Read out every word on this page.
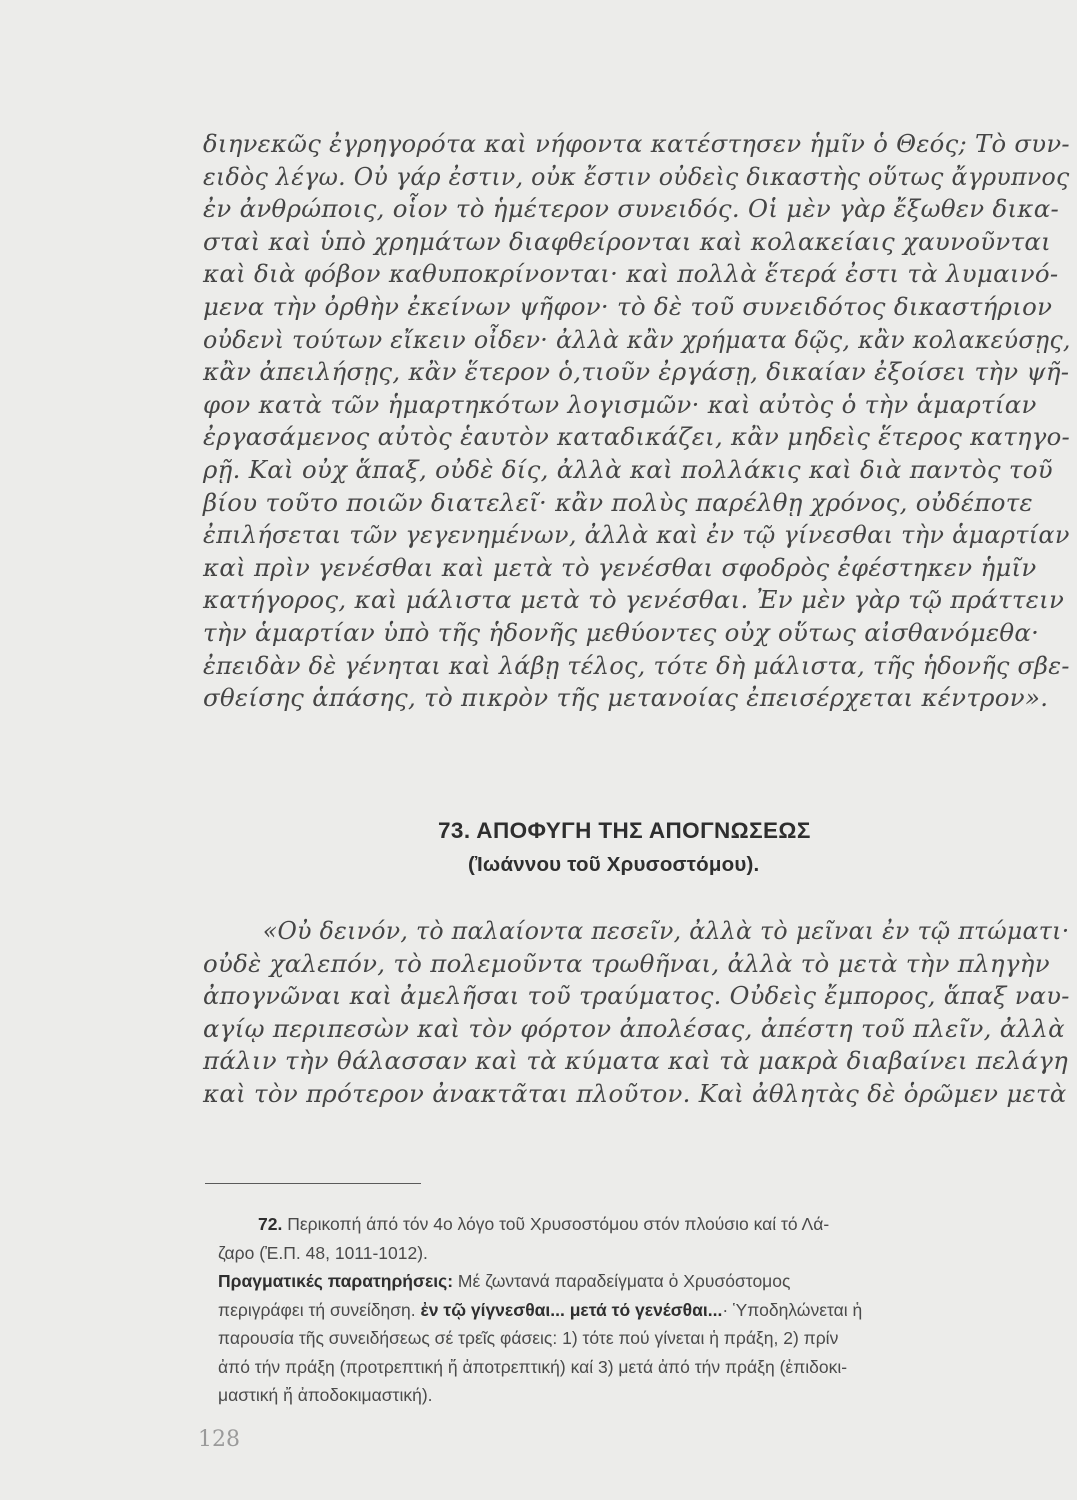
διηνεκῶς ἐγρηγορότα καὶ νήφοντα κατέστησεν ἡμῖν ὁ Θεός; Τὸ συν-
ειδὸς λέγω. Οὐ γάρ ἐστιν, οὐκ ἔστιν οὐδεὶς δικαστὴς οὕτως ἄγρυπνος
ἐν ἀνθρώποις, οἷον τὸ ἡμέτερον συνειδός. Οἱ μὲν γὰρ ἔξωθεν δικα-
σταὶ καὶ ὑπὸ χρημάτων διαφθείρονται καὶ κολακείαις χαυνοῦνται
καὶ διὰ φόβον καθυποκρίνονται· καὶ πολλὰ ἕτερά ἐστι τὰ λυμαινό-
μενα τὴν ὀρθὴν ἐκείνων ψῆφον· τὸ δὲ τοῦ συνειδότος δικαστήριον
οὐδενὶ τούτων εἴκειν οἶδεν· ἀλλὰ κἂν χρήματα δῷς, κἂν κολακεύσῃς,
κἂν ἀπειλήσῃς, κἂν ἕτερον ὁ,τιοῦν ἐργάσῃ, δικαίαν ἐξοίσει τὴν ψῆ-
φον κατὰ τῶν ἡμαρτηκότων λογισμῶν· καὶ αὐτὸς ὁ τὴν ἁμαρτίαν
ἐργασάμενος αὐτὸς ἑαυτὸν καταδικάζει, κἂν μηδεὶς ἕτερος κατηγο-
ρῇ. Καὶ οὐχ ἅπαξ, οὐδὲ δίς, ἀλλὰ καὶ πολλάκις καὶ διὰ παντὸς τοῦ
βίου τοῦτο ποιῶν διατελεῖ· κἂν πολὺς παρέλθῃ χρόνος, οὐδέποτε
ἐπιλήσεται τῶν γεγενημένων, ἀλλὰ καὶ ἐν τῷ γίνεσθαι τὴν ἁμαρτίαν
καὶ πρὶν γενέσθαι καὶ μετὰ τὸ γενέσθαι σφοδρὸς ἐφέστηκεν ἡμῖν
κατήγορος, καὶ μάλιστα μετὰ τὸ γενέσθαι. Ἐν μὲν γὰρ τῷ πράττειν
τὴν ἁμαρτίαν ὑπὸ τῆς ἡδονῆς μεθύοντες οὐχ οὕτως αἰσθανόμεθα·
ἐπειδὰν δὲ γένηται καὶ λάβῃ τέλος, τότε δὴ μάλιστα, τῆς ἡδονῆς σβε-
σθείσης ἁπάσης, τὸ πικρὸν τῆς μετανοίας ἐπεισέρχεται κέντρον».
73. ΑΠΟΦΥΓΗ ΤΗΣ ΑΠΟΓΝΩΣΕΩΣ
(Ἰωάννου τοῦ Χρυσοστόμου).
«Οὐ δεινόν, τὸ παλαίοντα πεσεῖν, ἀλλὰ τὸ μεῖναι ἐν τῷ πτώματι·
οὐδὲ χαλεπόν, τὸ πολεμοῦντα τρωθῆναι, ἀλλὰ τὸ μετὰ τὴν πληγὴν
ἀπογνῶναι καὶ ἀμελῆσαι τοῦ τραύματος. Οὐδεὶς ἔμπορος, ἅπαξ ναυ-
αγίῳ περιπεσὼν καὶ τὸν φόρτον ἀπολέσας, ἀπέστη τοῦ πλεῖν, ἀλλὰ
πάλιν τὴν θάλασσαν καὶ τὰ κύματα καὶ τὰ μακρὰ διαβαίνει πελάγη
καὶ τὸν πρότερον ἀνακτᾶται πλοῦτον. Καὶ ἀθλητὰς δὲ ὁρῶμεν μετὰ
72. Περικοπή άπό τόν 4ο λόγο τοῦ Χρυσοστόμου στόν πλούσιο καί τό Λά-
ζαρο (Ἐ.Π. 48, 1011-1012).
Πραγματικές παρατηρήσεις: Μέ ζωντανά παραδείγματα ὁ Χρυσόστομος
περιγράφει τή συνείδηση. ἐν τῷ γίγνεσθαι... μετά τό γενέσθαι...· Ὑποδηλώνεται ἡ
παρουσία τῆς συνειδήσεως σέ τρεῖς φάσεις: 1) τότε πού γίνεται ἡ πράξη, 2) πρίν
ἀπό τήν πράξη (προτρεπτική ἤ ἀποτρεπτική) καί 3) μετά ἀπό τήν πράξη (ἐπιδοκι-
μαστική ἤ ἀποδοκιμαστική).
128
